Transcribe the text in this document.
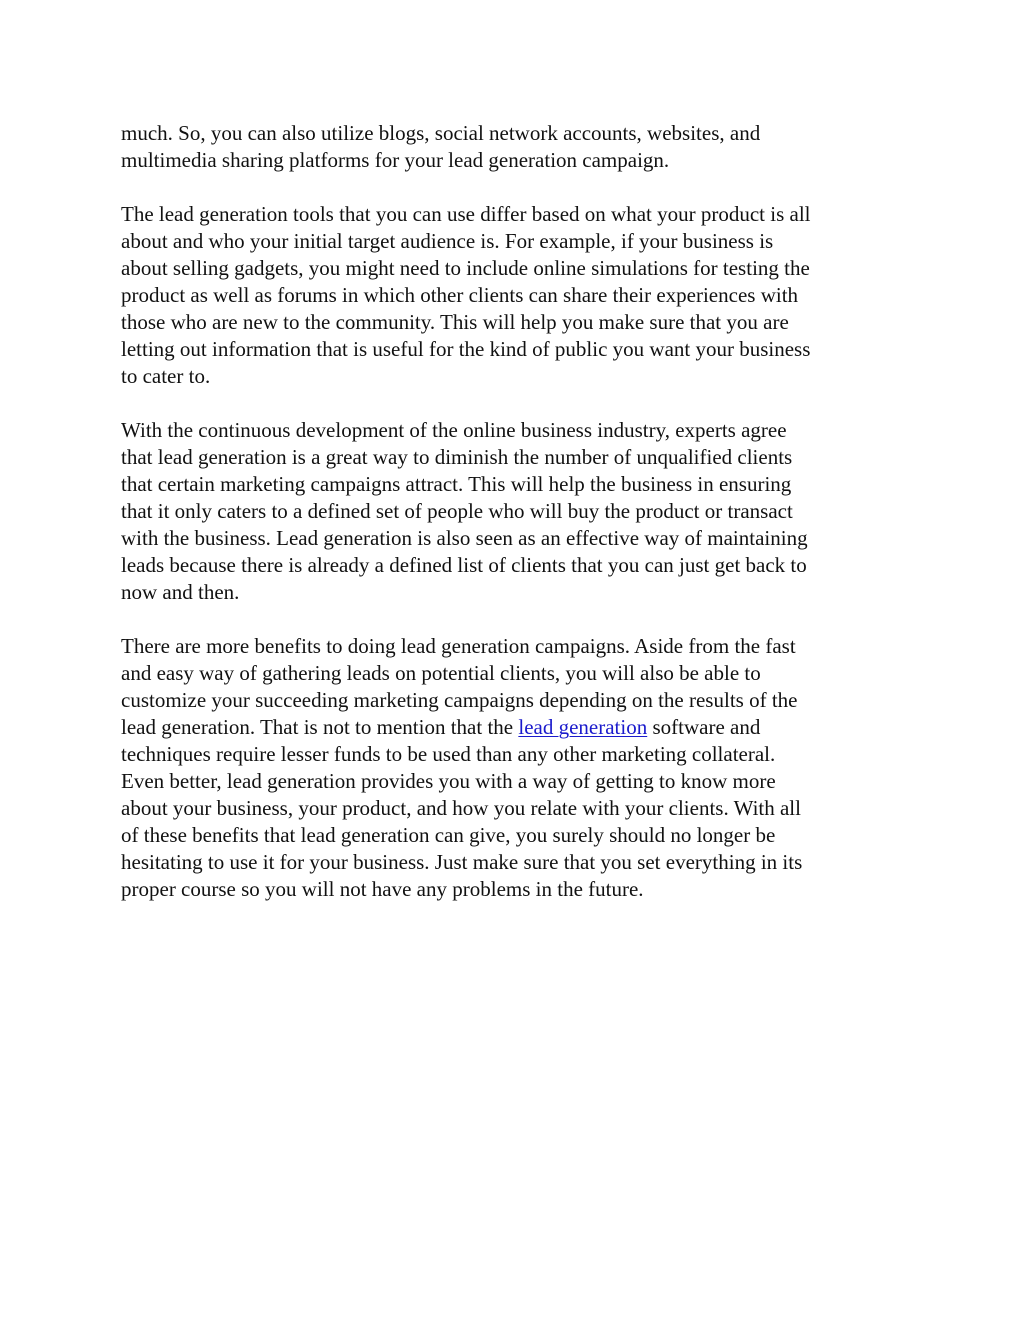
much. So, you can also utilize blogs, social network accounts, websites, and
multimedia sharing platforms for your lead generation campaign.

The lead generation tools that you can use differ based on what your product is all
about and who your initial target audience is. For example, if your business is
about selling gadgets, you might need to include online simulations for testing the
product as well as forums in which other clients can share their experiences with
those who are new to the community. This will help you make sure that you are
letting out information that is useful for the kind of public you want your business
to cater to.

With the continuous development of the online business industry, experts agree
that lead generation is a great way to diminish the number of unqualified clients
that certain marketing campaigns attract. This will help the business in ensuring
that it only caters to a defined set of people who will buy the product or transact
with the business. Lead generation is also seen as an effective way of maintaining
leads because there is already a defined list of clients that you can just get back to
now and then.

There are more benefits to doing lead generation campaigns. Aside from the fast
and easy way of gathering leads on potential clients, you will also be able to
customize your succeeding marketing campaigns depending on the results of the
lead generation. That is not to mention that the lead generation software and
techniques require lesser funds to be used than any other marketing collateral.
Even better, lead generation provides you with a way of getting to know more
about your business, your product, and how you relate with your clients. With all
of these benefits that lead generation can give, you surely should no longer be
hesitating to use it for your business. Just make sure that you set everything in its
proper course so you will not have any problems in the future.
